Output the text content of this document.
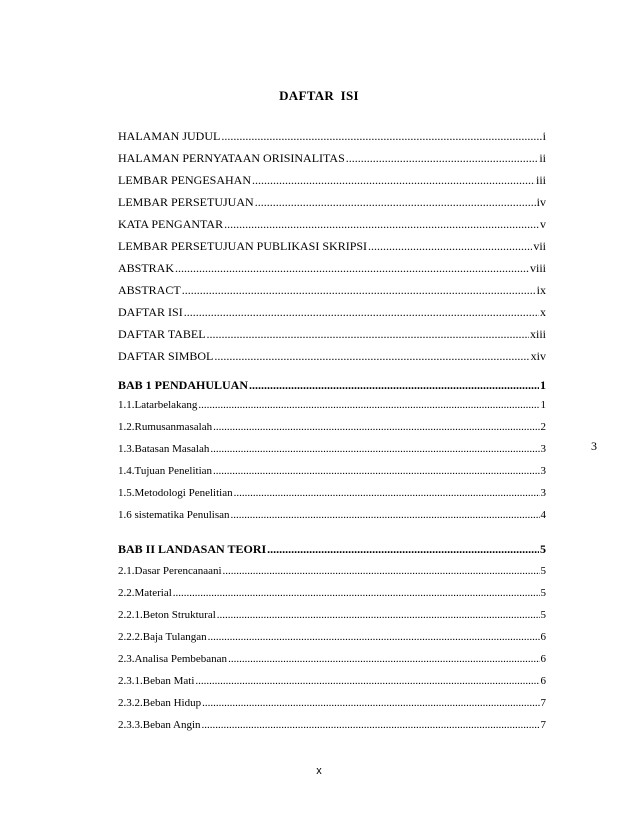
DAFTAR ISI
HALAMAN JUDUL .....	i
HALAMAN PERNYATAAN ORISINALITAS .....	ii
LEMBAR PENGESAHAN .....	iii
LEMBAR PERSETUJUAN .....	iv
KATA PENGANTAR .....	v
LEMBAR PERSETUJUAN PUBLIKASI SKRIPSI .....	vii
ABSTRAK .....	viii
ABSTRACT .....	ix
DAFTAR ISI .....	x
DAFTAR TABEL .....	xiii
DAFTAR SIMBOL .....	xiv
BAB 1 PENDAHULUAN .....	1
1.1.Latarbelakang .....	1
1.2.Rumusanmasalah .....	2
1.3.Batasan Masalah .....	3
1.4.Tujuan Penelitian .....	3
1.5.Metodologi Penelitian .....	3
1.6 sistematika Penulisan .....	4
BAB II LANDASAN TEORI .....	5
2.1.Dasar Perencanaani .....	5
2.2.Material .....	5
2.2.1.Beton Struktural .....	5
2.2.2.Baja Tulangan .....	6
2.3.Analisa Pembebanan .....	6
2.3.1.Beban Mati .....	6
2.3.2.Beban Hidup .....	7
2.3.3.Beban Angin .....	7
3
x
